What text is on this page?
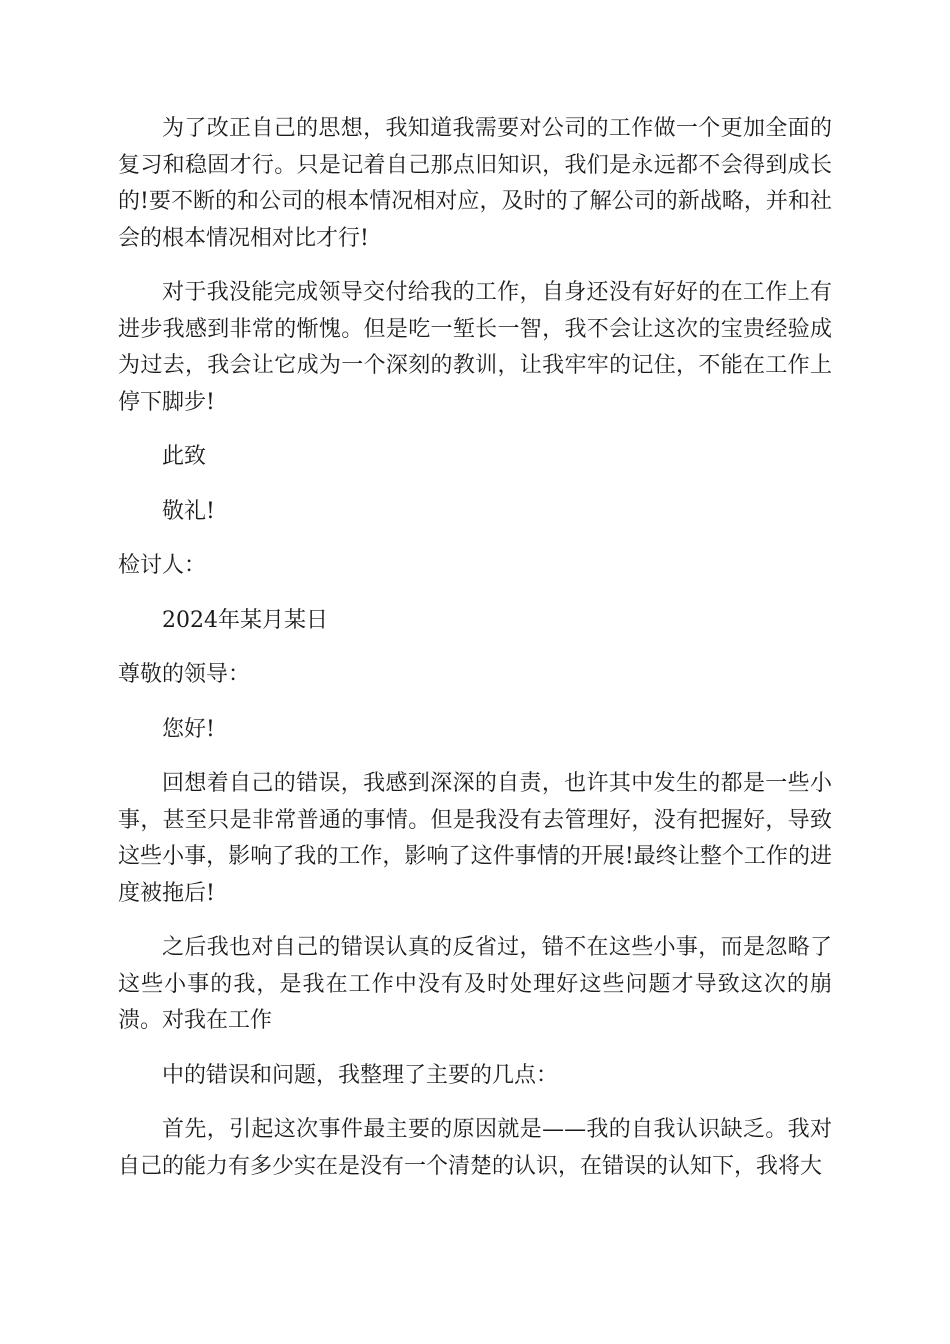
为了改正自己的思想，我知道我需要对公司的工作做一个更加全面的复习和稳固才行。只是记着自己那点旧知识，我们是永远都不会得到成长的!要不断的和公司的根本情况相对应，及时的了解公司的新战略，并和社会的根本情况相对比才行!

对于我没能完成领导交付给我的工作，自身还没有好好的在工作上有进步我感到非常的惭愧。但是吃一堑长一智，我不会让这次的宝贵经验成为过去，我会让它成为一个深刻的教训，让我牢牢的记住，不能在工作上停下脚步!

此致

敬礼!

检讨人：

2024年某月某日

尊敬的领导：

您好!

回想着自己的错误，我感到深深的自责，也许其中发生的都是一些小事，甚至只是非常普通的事情。但是我没有去管理好，没有把握好，导致这些小事，影响了我的工作，影响了这件事情的开展!最终让整个工作的进度被拖后!

之后我也对自己的错误认真的反省过，错不在这些小事，而是忽略了这些小事的我，是我在工作中没有及时处理好这些问题才导致这次的崩溃。对我在工作

中的错误和问题，我整理了主要的几点：

首先，引起这次事件最主要的原因就是——我的自我认识缺乏。我对自己的能力有多少实在是没有一个清楚的认识，在错误的认知下，我将大
